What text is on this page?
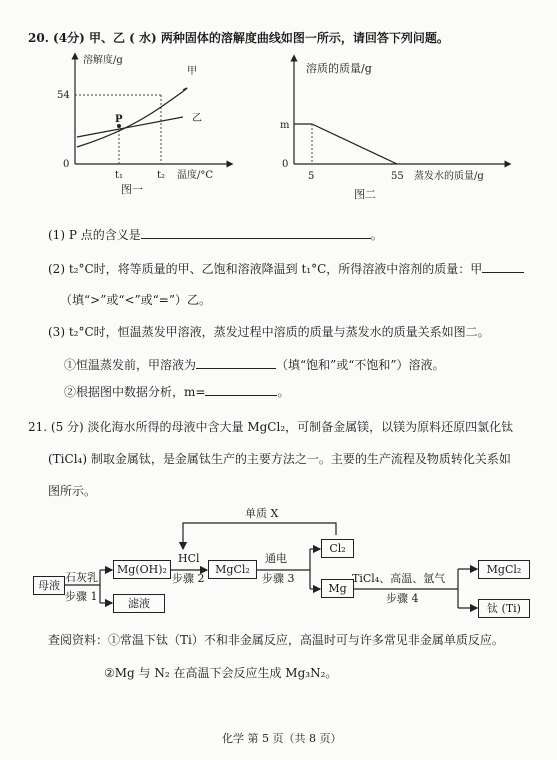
20. (4分) 甲、乙 ( 水) 两种固体的溶解度曲线如图一所示，请回答下列问题。
溶解度/g
54
0
甲
乙
P
t₁	t₂ 温度/°C
图一
溶质的质量/g
m
0
5	55 蒸发水的质量/g
图二
(1) P 点的含义是	。
(2) t₂°C时，将等质量的甲、乙饱和溶液降温到 t₁°C，所得溶液中溶剂的质量：甲
（填“>”或“<”或“=”）乙。
(3) t₂°C时，恒温蒸发甲溶液，蒸发过程中溶质的质量与蒸发水的质量关系如图二。
①恒温蒸发前，甲溶液为	（填“饱和”或“不饱和”）溶液。
②根据图中数据分析，m=	。
21. (5 分) 淡化海水所得的母液中含大量 MgCl₂，可制备金属镁，以镁为原料还原四氯化钛
(TiCl₄) 制取金属钛，是金属钛生产的主要方法之一。主要的生产流程及物质转化关系如
图所示。
单质 X
母液
石灰乳
步骤 1
Mg(OH)₂
滤液
HCl
步骤 2
MgCl₂
通电
步骤 3
Cl₂
Mg
TiCl₄、高温、氩气
步骤 4
MgCl₂
钛 (Ti)
查阅资料：①常温下钛（Ti）不和非金属反应，高温时可与许多常见非金属单质反应。
②Mg 与 N₂ 在高温下会反应生成 Mg₃N₂。
化学 第 5 页（共 8 页）
